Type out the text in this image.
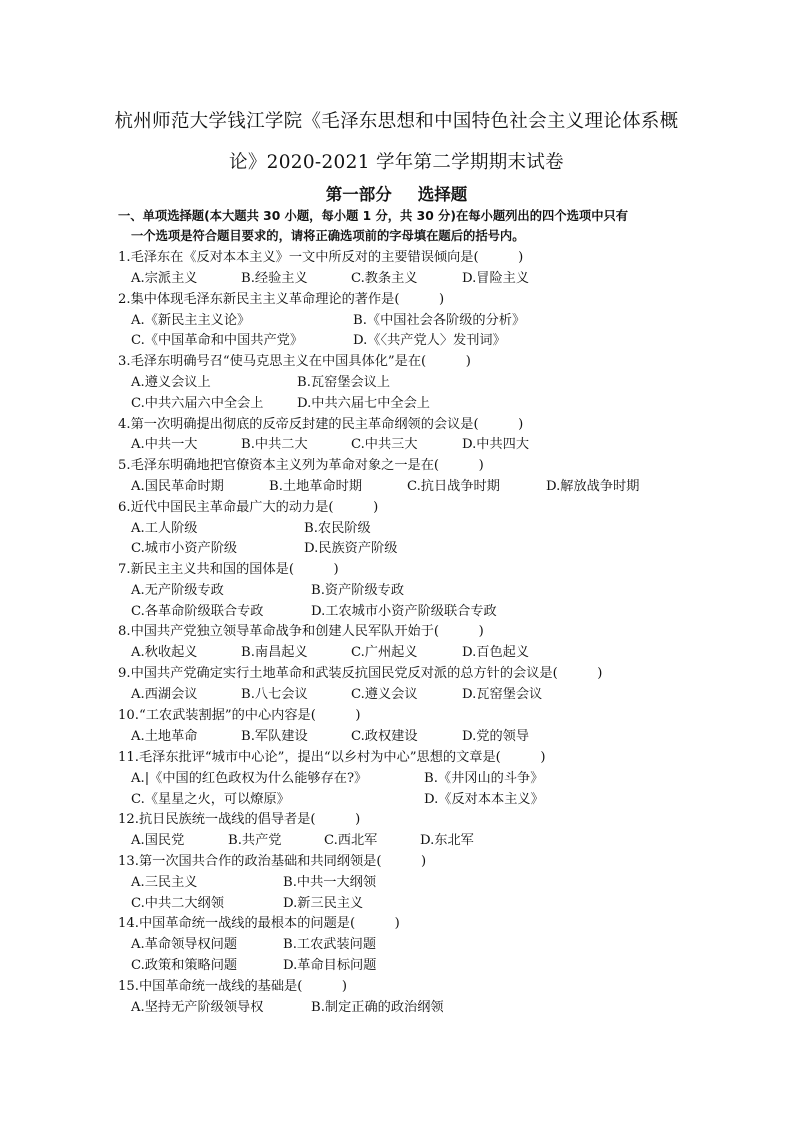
杭州师范大学钱江学院《毛泽东思想和中国特色社会主义理论体系概
论》2020-2021 学年第二学期期末试卷
第一部分 选择题
一、单项选择题(本大题共 30 小题，每小题 1 分，共 30 分)在每小题列出的四个选项中只有
一个选项是符合题目要求的，请将正确选项前的字母填在题后的括号内。
1.毛泽东在《反对本本主义》一文中所反对的主要错误倾向是(　　　)
A.宗派主义	B.经验主义	C.教条主义	D.冒险主义
2.集中体现毛泽东新民主主义革命理论的著作是(　　　)
A.《新民主主义论》	B.《中国社会各阶级的分析》
C.《中国革命和中国共产党》	D.《〈共产党人〉发刊词》
3.毛泽东明确号召“使马克思主义在中国具体化”是在(　　　)
A.遵义会议上	B.瓦窑堡会议上
C.中共六届六中全会上	D.中共六届七中全会上
4.第一次明确提出彻底的反帝反封建的民主革命纲领的会议是(　　　)
A.中共一大	B.中共二大	C.中共三大	D.中共四大
5.毛泽东明确地把官僚资本主义列为革命对象之一是在(　　　)
A.国民革命时期	B.土地革命时期	C.抗日战争时期	D.解放战争时期
6.近代中国民主革命最广大的动力是(　　　)
A.工人阶级	B.农民阶级
C.城市小资产阶级	D.民族资产阶级
7.新民主主义共和国的国体是(　　　)
A.无产阶级专政	B.资产阶级专政
C.各革命阶级联合专政	D.工农城市小资产阶级联合专政
8.中国共产党独立领导革命战争和创建人民军队开始于(　　　)
A.秋收起义	B.南昌起义	C.广州起义	D.百色起义
9.中国共产党确定实行土地革命和武装反抗国民党反对派的总方针的会议是(　　　)
A.西湖会议	B.八七会议	C.遵义会议	D.瓦窑堡会议
10.“工农武装割据”的中心内容是(　　　)
A.土地革命	B.军队建设	C.政权建设	D.党的领导
11.毛泽东批评“城市中心论”，提出“以乡村为中心”思想的文章是(　　　)
A.|《中国的红色政权为什么能够存在?》	B.《井冈山的斗争》
C.《星星之火，可以燎原》	D.《反对本本主义》
12.抗日民族统一战线的倡导者是(　　　)
A.国民党	B.共产党	C.西北军	D.东北军
13.第一次国共合作的政治基础和共同纲领是(　　　)
A.三民主义	B.中共一大纲领
C.中共二大纲领	D.新三民主义
14.中国革命统一战线的最根本的问题是(　　　)
A.革命领导权问题	B.工农武装问题
C.政策和策略问题	D.革命目标问题
15.中国革命统一战线的基础是(　　　)
A.坚持无产阶级领导权	B.制定正确的政治纲领
